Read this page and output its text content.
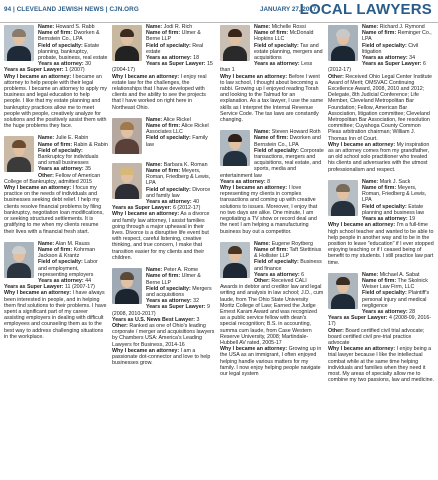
94 | CLEVELAND JEWISH NEWS | CJN.ORG	JANUARY 27, 2017
LOCAL LAWYERS

Name: Howard S. Rabb
Name of firm: Dworken & Bernstein Co., LPA
Field of specialty: Estate planning, bankruptcy, probate, business, real estate
Years as attorney: 30
Years as Super Lawyer: 1 (2007)
Why I became an attorney: I became an attorney to help people with their legal problems. I became an attorney to apply my business and legal education to help people. I like that my estate planning and bankruptcy practices allow me to meet people with people, creatively analyze for solutions and the positively assist them with the huge problems they face.

Name: Julie E. Rabin
Name of firm: Rabin & Rabin
Field of specialty: Bankruptcy for individuals and small businesses
Years as attorney: 35
Other: Fellow of American College of Bankruptcy, admitted 2015
Why I became an attorney: I focus my practice on the needs of individuals and businesses seeking debt relief. I help my clients resolve financial problems by filing bankruptcy, negotiation loan modifications, or seeking structured settlements. It is gratifying to me when my clients resume their lives with a financial fresh start.

Name: Alan M. Rauss
Name of firm: Kohrman Jackson & Krantz
Field of specialty: Labor and employment, representing employers
Years as attorney: 44
Years as Super Lawyer: 11 (2007-17)
Why I became an attorney: I have always been interested in people, and in helping them find solutions to their problems. I have spent a significant part of my career assisting employers in dealing with difficult employees and counseling them as to the best way to address challenging situations in the workplace.

Name: Jodi R. Rich
Name of firm: Ulmer & Berne LLP
Field of specialty: Real estate
Years as attorney: 18
Years as Super Lawyer: 15 (2004-17)
Why I became an attorney: I enjoy real estate law for the challenges, the relationships that I have developed with clients and the ability to see the projects that I have worked on right here in Northeast Ohio.

Name: Alice Rickel
Name of firm: Alice Rickel Associates LLC
Field of specialty: Family law

Name: Barbara K. Roman
Name of firm: Meyers, Roman, Friedberg & Lewis, LPA
Field of specialty: Divorce and family law
Years as attorney: 40
Years as Super Lawyer: 6 (2012-17)
Why I became an attorney: As a divorce and family law attorney, I assist families going through a major upheaval in their lives. Divorce is a disruptive life event but with respect, careful listening, creative thinking, and true concern, I make that transition easier for my clients and their children.

Name: Peter A. Rome
Name of firm: Ulmer & Berne LLP
Field of specialty: Mergers and acquisitions
Years as attorney: 32
Years as Super Lawyer: 9 (2008, 2010-2017)
Years as U.S. News Best Lawyer: 3
Other: Ranked as one of Ohio's leading corporate / merger and acquisitions lawyers by Chambers USA: America's Leading Lawyers for Business, 2014-16
Why I became an attorney: I am a passionate dot-connector and love to help businesses grow.

Name: Michelle Rossi
Name of firm: McDonald Hopkins LLC
Field of specialty: Tax and estate planning, mergers and acquisitions
Years as attorney: Less than 1
Why I became an attorney: Before I went to law school, I thought about becoming a rabbi. Growing up I enjoyed reading Torah and looking to the Talmud for an explanation. As a tax lawyer, I use the same skills as I interpret the Internal Revenue Service Code. The tax laws are constantly changing.

Name: Steven Howard Roth
Name of firm: Dworken and Bernstein Co., LPA
Field of specialty: Corporate transactions, mergers and acquisitions, real estate, and sports, media and entertainment law
Years as attorney: 8
Why I became an attorney: I love representing my clients in complex transactions and coming up with creative solutions to issues. Moreover, I enjoy that no two days are alike. One minute, I am negotiating a TV show or record deal and the next I am helping a manufacturing business buy out a competitor.

Name: Eugene Roytberg
Name of firm: Taft Stettinius & Hollister LLP
Field of specialty: Business and finance
Years as attorney: 6
Other: Received CALI Awards in debtor and creditor law and legal writing and analysis in law school; J.D., cum laude, from The Ohio State University Moritz College of Law; Earned the Judge Ernest Karam Award and was recognized as a public service fellow with dean's special recognition; B.S. in accounting, summa cum laude, from Case Western Reserve University, 2008; Martindale-Hubbell AV rated, 2005-17
Why I became an attorney: Growing up in the USA as an immigrant, I often enjoyed helping handle various matters for my family. I now enjoy helping people navigate our legal system

Name: Richard J. Rymond
Name of firm: Reminger Co., LPA
Field of specialty: Civil litigation
Years as attorney: 34
Years as Super Lawyer: 6 (2012-17)
Other: Received Ohio Legal Center Institute Award of Merit; OMSVAC Continuing Excellence Award, 2008, 2010 and 2012; Delegate, 8th Judicial Conference; Life Member, Cleveland Metropolitan Bar Foundation; Fellow, American Bar Association, litigation committee; Cleveland Metropolitan Bar Association, fee resolution committee; Cuyahoga County Common Pleas arbitration chairman; William J. Thomas Inn of Court.
Why I became an attorney: My inspiration as an attorney comes from my grandfather, an old school solo practitioner who treated his clients and adversaries with the utmost professionalism and respect.

Name: Mark J. Sack
Name of firm: Meyers, Roman, Friedberg & Lewis, LPA
Field of specialty: Estate planning and business law
Years as attorney: 19
Why I became an attorney: I'm a full-time high school teacher and wanted to be able to help people in another way and to be in the position to leave "education" if I ever stopped enjoying teaching or if I ceased being of benefit to my students. I still practice law part time.

Name: Michael A. Sabat
Name of firm: The Skolnick Weiser Law Firm, LLC
Field of specialty: Plaintiff's personal injury and medical negligence
Years as attorney: 28
Years as Super Lawyer: 4 (2008-09, 2016-17)
Other: Board certified civil trial advocate; board certified civil pre-trial practice advocate
Why I became an attorney: I enjoy being a trial lawyer because I like the intellectual combat while at the same time helping individuals and families when they need it most. My areas of specialty allow me to combine my two passions, law and medicine.
